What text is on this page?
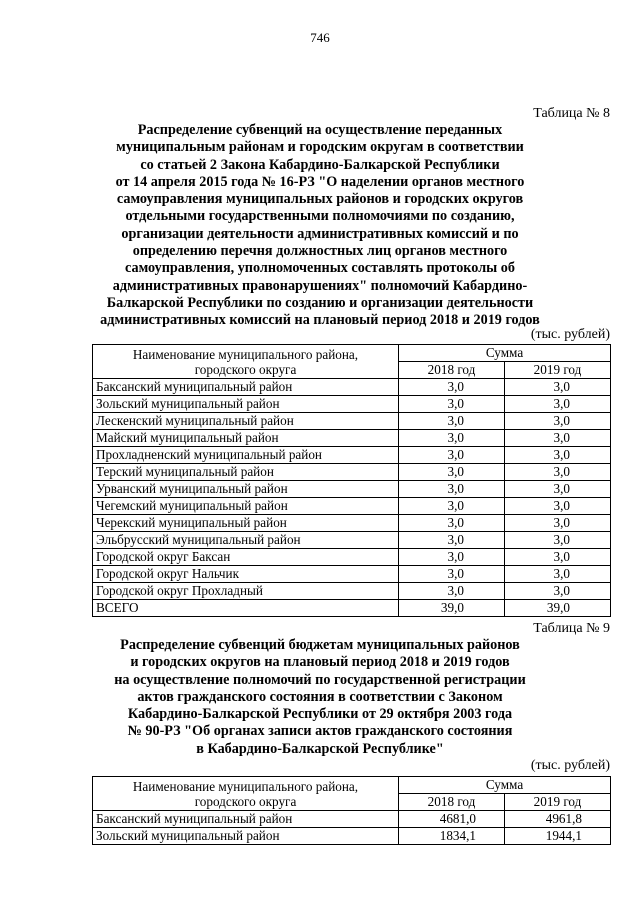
746
Таблица № 8
Распределение субвенций на осуществление переданных
муниципальным районам и городским округам в соответствии
со статьей 2 Закона Кабардино-Балкарской Республики
от 14 апреля 2015 года № 16-РЗ "О наделении органов местного
самоуправления муниципальных районов и городских округов
отдельными государственными полномочиями по созданию,
организации деятельности административных комиссий и по
определению перечня должностных лиц органов местного
самоуправления, уполномоченных составлять протоколы об
административных правонарушениях" полномочий Кабардино-
Балкарской Республики по созданию и организации деятельности
административных комиссий на плановый период 2018 и 2019 годов
(тыс. рублей)
Наименование муниципального района,
городского округа	Сумма	
	2018 год	2019 год
Баксанский муниципальный район	3,0	3,0
Зольский муниципальный район	3,0	3,0
Лескенский муниципальный район	3,0	3,0
Майский муниципальный район	3,0	3,0
Прохладненский муниципальный район	3,0	3,0
Терский муниципальный район	3,0	3,0
Урванский муниципальный район	3,0	3,0
Чегемский муниципальный район	3,0	3,0
Черекский муниципальный район	3,0	3,0
Эльбрусский муниципальный район	3,0	3,0
Городской округ Баксан	3,0	3,0
Городской округ Нальчик	3,0	3,0
Городской округ Прохладный	3,0	3,0
ВСЕГО	39,0	39,0
Таблица № 9
Распределение субвенций бюджетам муниципальных районов
и городских округов на плановый период 2018 и 2019 годов
на осуществление полномочий по государственной регистрации
актов гражданского состояния в соответствии с Законом
Кабардино-Балкарской Республики от 29 октября 2003 года
№ 90-РЗ "Об органах записи актов гражданского состояния
в Кабардино-Балкарской Республике"
(тыс. рублей)
Наименование муниципального района,
городского округа	Сумма	
	2018 год	2019 год
Баксанский муниципальный район	4681,0	4961,8
Зольский муниципальный район	1834,1	1944,1
